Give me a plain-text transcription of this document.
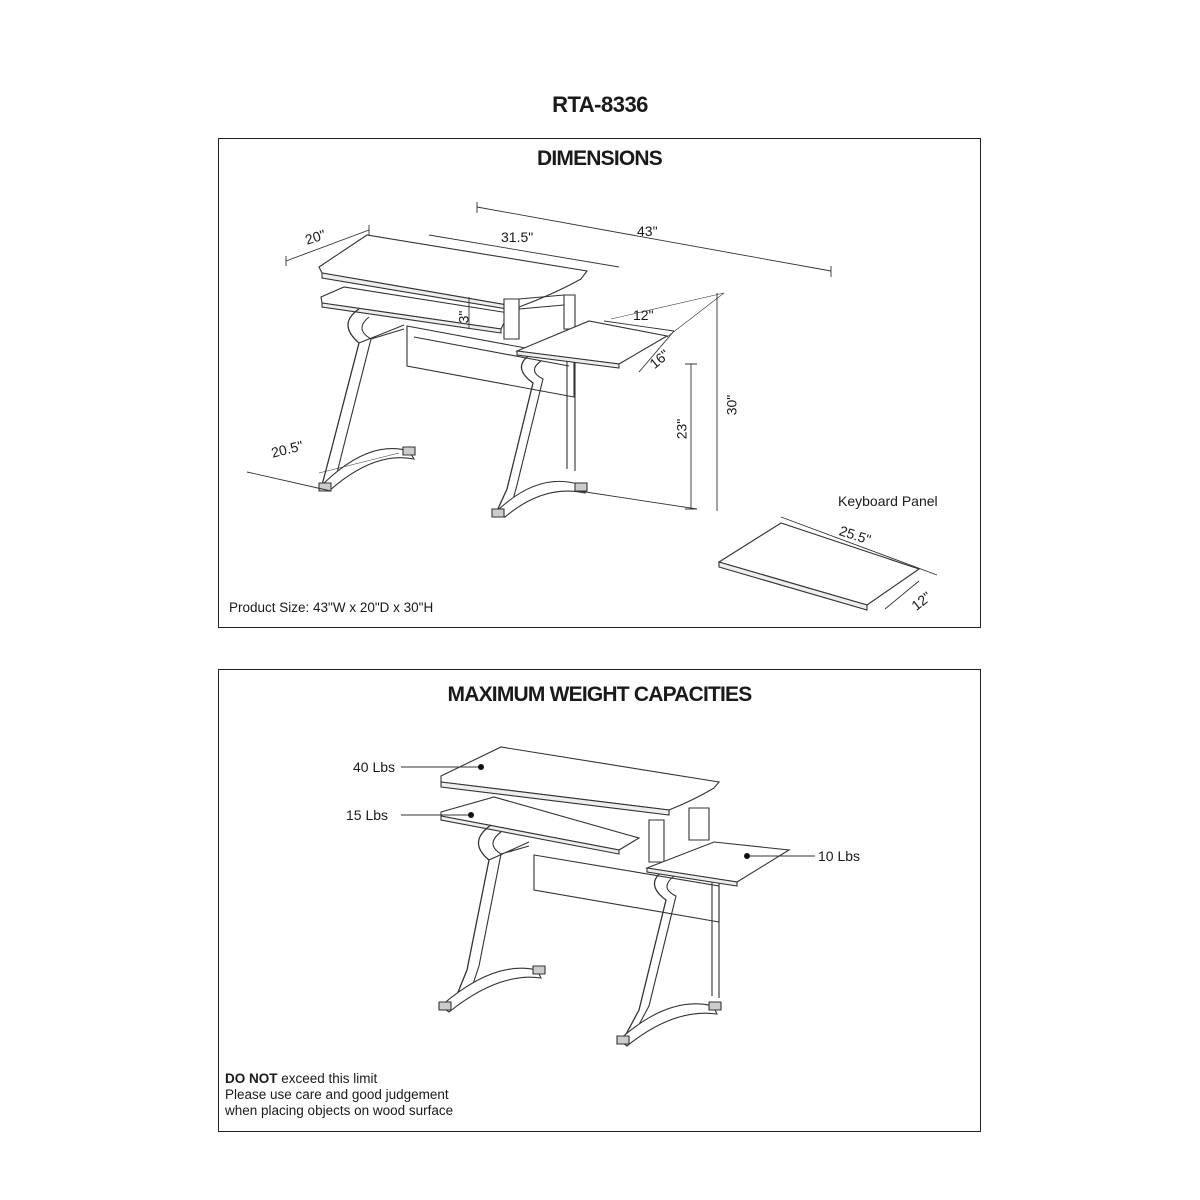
RTA-8336
DIMENSIONS
20"	31.5"	43"
3"	12"
16"
23"
30"
20.5"
25.5"
12"
Keyboard Panel
Product Size: 43"W x 20"D x 30"H
MAXIMUM WEIGHT CAPACITIES
40 Lbs
15 Lbs
10 Lbs
DO NOT exceed this limit
Please use care and good judgement
when placing objects on wood surface
